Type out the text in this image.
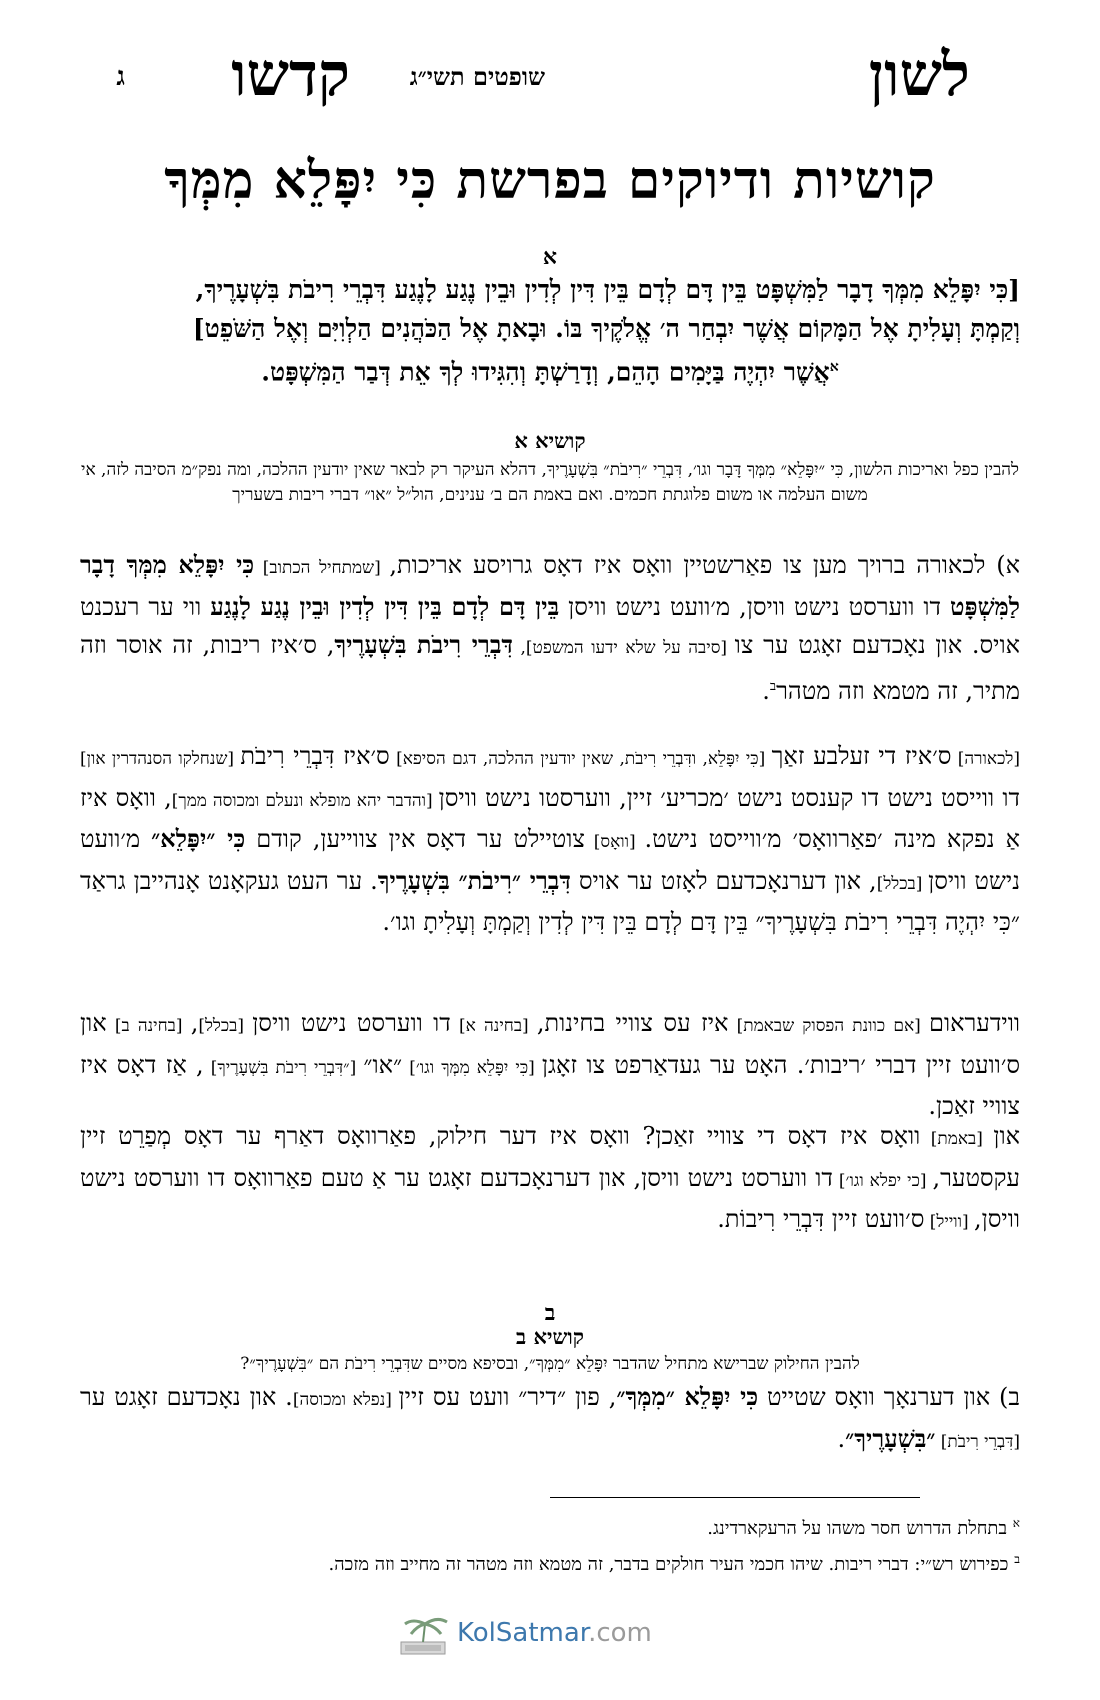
לשון
שופטים תשי״ג
קדשו
ג
קושיות ודיוקים בפרשת כִּי יִפָּלֵא מִמְּךָ
א
[כִּי יִפָּלֵא מִמְּךָ דָבָר לַמִּשְׁפָּט בֵּין דָּם לְדָם בֵּין דִּין לְדִין וּבֵין נֶגַע לָנֶגַע דִּבְרֵי רִיבֹת בִּשְׁעָרֶיךָ,
וְקַמְתָּ וְעָלִיתָ אֶל הַמָּקוֹם אֲשֶׁר יִבְחַר ה׳ אֱלֹקֶיךָ בּוֹ. וּבָאתָ אֶל הַכֹּהֲנִים הַלְוִיִּם וְאֶל הַשֹּׁפֵט]
$^א$אֲשֶׁר יִהְיֶה בַּיָּמִים הָהֵם, וְדָרַשְׁתָּ וְהִגִּידוּ לְךָ אֵת דְּבַר הַמִּשְׁפָּט.
קושיא א
להבין כפל ואריכות הלשון, כִּי ״יִפָּלֵא״ מִמְּךָ דָּבָר וגו׳, דִּבְרֵי ״רִיבֹת״ בִּשְׁעָרֶיךָ, דהלא העיקר רק לבאר שאין יודעין ההלכה, ומה נפק״מ הסיבה לזה, אי משום העלמה או משום פלוגתת חכמים. ואם באמת הם ב׳ ענינים, הול״ל ״או״ דברי ריבות בשעריך
א) לכאורה ברויך מען צו פאַרשטיין וואָס איז דאָס גרויסע אריכות, [שמתחיל הכתוב] כִּי יִפָּלֵא מִמְּךָ דָבָר לַמִּשְׁפָּט דו ווערסט נישט וויסן, מ׳וועט נישט וויסן בֵּין דָּם לְדָם בֵּין דִּין לְדִין וּבֵין נֶגַע לָנֶגַע ווי ער רעכנט אויס. און נאָכדעם זאָגט ער צו [סיבה על שלא ידעו המשפט], דִּבְרֵי רִיבֹת בִּשְׁעָרֶיךָ, ס׳איז ריבות, זה אוסר וזה מתיר, זה מטמא וזה מטהר$^ב$.
[לכאורה] ס׳איז די זעלבע זאַך [כִּי יִפָּלֵא, ודִּבְרֵי רִיבֹת, שאין יודעין ההלכה, דגם הסיפא] ס׳איז דִּבְרֵי רִיבֹת [שנחלקו הסנהדרין און] דו ווייסט נישט דו קענסט נישט ׳מכריע׳ זיין, ווערסטו נישט וויסן [והדבר יהא מופלא ונעלם ומכוסה ממך], וואָס איז אַ נפקא מינה ׳פאַרוואָס׳ מ׳ווייסט נישט. [וואָס] צוטיילט ער דאָס אין צווייען, קודם כִּי ״יִפָּלֵא״ מ׳וועט נישט וויסן [בכלל], און דערנאָכדעם לאָזט ער אויס דִּבְרֵי ״רִיבֹת״ בִּשְׁעָרֶיךָ. ער העט געקאָנט אָנהייבן גראַד ״כִּי יִהְיֶה דִּבְרֵי רִיבֹת בִּשְׁעָרֶיךָ״ בֵּין דָּם לְדָם בֵּין דִּין לְדִין וְקַמְתָּ וְעָלִיתָ וגו׳.
ווידעראום [אם כוונת הפסוק שבאמת] איז עס צוויי בחינות, [בחינה א] דו ווערסט נישט וויסן [בכלל], [בחינה ב] און ס׳וועט זיין דברי ׳ריבות׳. האָט ער געדאַרפט צו זאָגן [כִּי יִפָּלֵא מִמְּךָ וגו׳] ״או״ [״דִּבְרֵי רִיבֹת בִּשְׁעָרֶיךָ] , אַז דאָס איז צוויי זאַכן.
און [באמת] וואָס איז דאָס די צוויי זאַכן? וואָס איז דער חילוק, פאַרוואָס דאַרף ער דאָס מְפַרֵט זיין עקסטער, [כי יפלא וגו׳] דו ווערסט נישט וויסן, און דערנאָכדעם זאָגט ער אַ טעם פאַרוואָס דו ווערסט נישט וויסן, [ווייל] ס׳וועט זיין דִּבְרֵי רִיבוֹת.
ב
קושיא ב
להבין החילוק שברישא מתחיל שהדבר יִפָּלֵא ״מִמְּךָ״, ובסיפא מסיים שדִּבְרֵי רִיבֹת הם ״בִּשְׁעָרֶיךָ״?
ב) און דערנאָך וואָס שטייט כִּי יִפָּלֵא ״מִמְּךָ״, פון ״דיר״ וועט עס זיין [נפלא ומכוסה]. און נאָכדעם זאָגט ער [דִּבְרֵי רִיבֹת] ״בִּשְׁעָרֶיךָ״.
$^א$ בתחלת הדרוש חסר משהו על הרעקארדינג.
$^ב$ כפירוש רש״י: דברי ריבות. שיהו חכמי העיר חולקים בדבר, זה מטמא וזה מטהר זה מחייב וזה מזכה.
KolSatmar.com
